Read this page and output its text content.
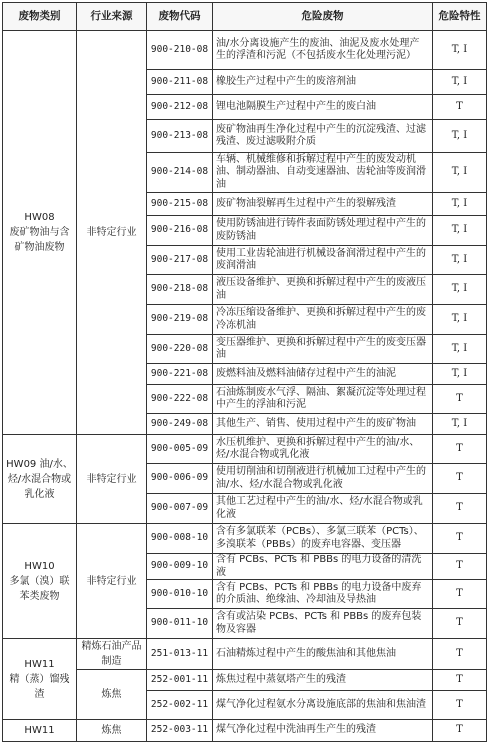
废物类别	行业来源	废物代码	危险废物	危险特性
HW08
废矿物油与含矿物油废物	非特定行业	900-210-08	油/水分离设施产生的废油、油泥及废水处理产生的浮渣和污泥（不包括废水生化处理污泥）	T, I
		900-211-08	橡胶生产过程中产生的废溶剂油	T, I
		900-212-08	锂电池隔膜生产过程中产生的废白油	T
		900-213-08	废矿物油再生净化过程中产生的沉淀残渣、过滤残渣、废过滤吸附介质	T, I
		900-214-08	车辆、机械维修和拆解过程中产生的废发动机油、制动器油、自动变速器油、齿轮油等废润滑油	T, I
		900-215-08	废矿物油裂解再生过程中产生的裂解残渣	T, I
		900-216-08	使用防锈油进行铸件表面防锈处理过程中产生的废防锈油	T, I
		900-217-08	使用工业齿轮油进行机械设备润滑过程中产生的废润滑油	T, I
		900-218-08	液压设备维护、更换和拆解过程中产生的废液压油	T, I
		900-219-08	冷冻压缩设备维护、更换和拆解过程中产生的废冷冻机油	T, I
		900-220-08	变压器维护、更换和拆解过程中产生的废变压器油	T, I
		900-221-08	废燃料油及燃料油储存过程中产生的油泥	T, I
		900-222-08	石油炼制废水气浮、隔油、絮凝沉淀等处理过程中产生的浮油和污泥	T
		900-249-08	其他生产、销售、使用过程中产生的废矿物油	T, I
HW09 油/水、烃/水混合物或乳化液	非特定行业	900-005-09	水压机维护、更换和拆解过程中产生的油/水、烃/水混合物或乳化液	T
		900-006-09	使用切削油和切削液进行机械加工过程中产生的油/水、烃/水混合物或乳化液	T
		900-007-09	其他工艺过程中产生的油/水、烃/水混合物或乳化液	T
HW10
多氯（溴）联苯类废物	非特定行业	900-008-10	含有多氯联苯（PCBs）、多氯三联苯（PCTs）、多溴联苯（PBBs）的废弃电容器、变压器	T
		900-009-10	含有 PCBs、PCTs 和 PBBs 的电力设备的清洗液	T
		900-010-10	含有 PCBs、PCTs 和 PBBs 的电力设备中废弃的介质油、绝缘油、冷却油及导热油	T
		900-011-10	含有或沾染 PCBs、PCTs 和 PBBs 的废弃包装物及容器	T
HW11
精（蒸）馏残渣	精炼石油产品制造	251-013-11	石油精炼过程中产生的酸焦油和其他焦油	T
	炼焦	252-001-11	炼焦过程中蒸氨塔产生的残渣	T
		252-002-11	煤气净化过程氨水分离设施底部的焦油和焦油渣	T
HW11	炼焦	252-003-11	煤气净化过程中洗油再生产生的残渣	T
